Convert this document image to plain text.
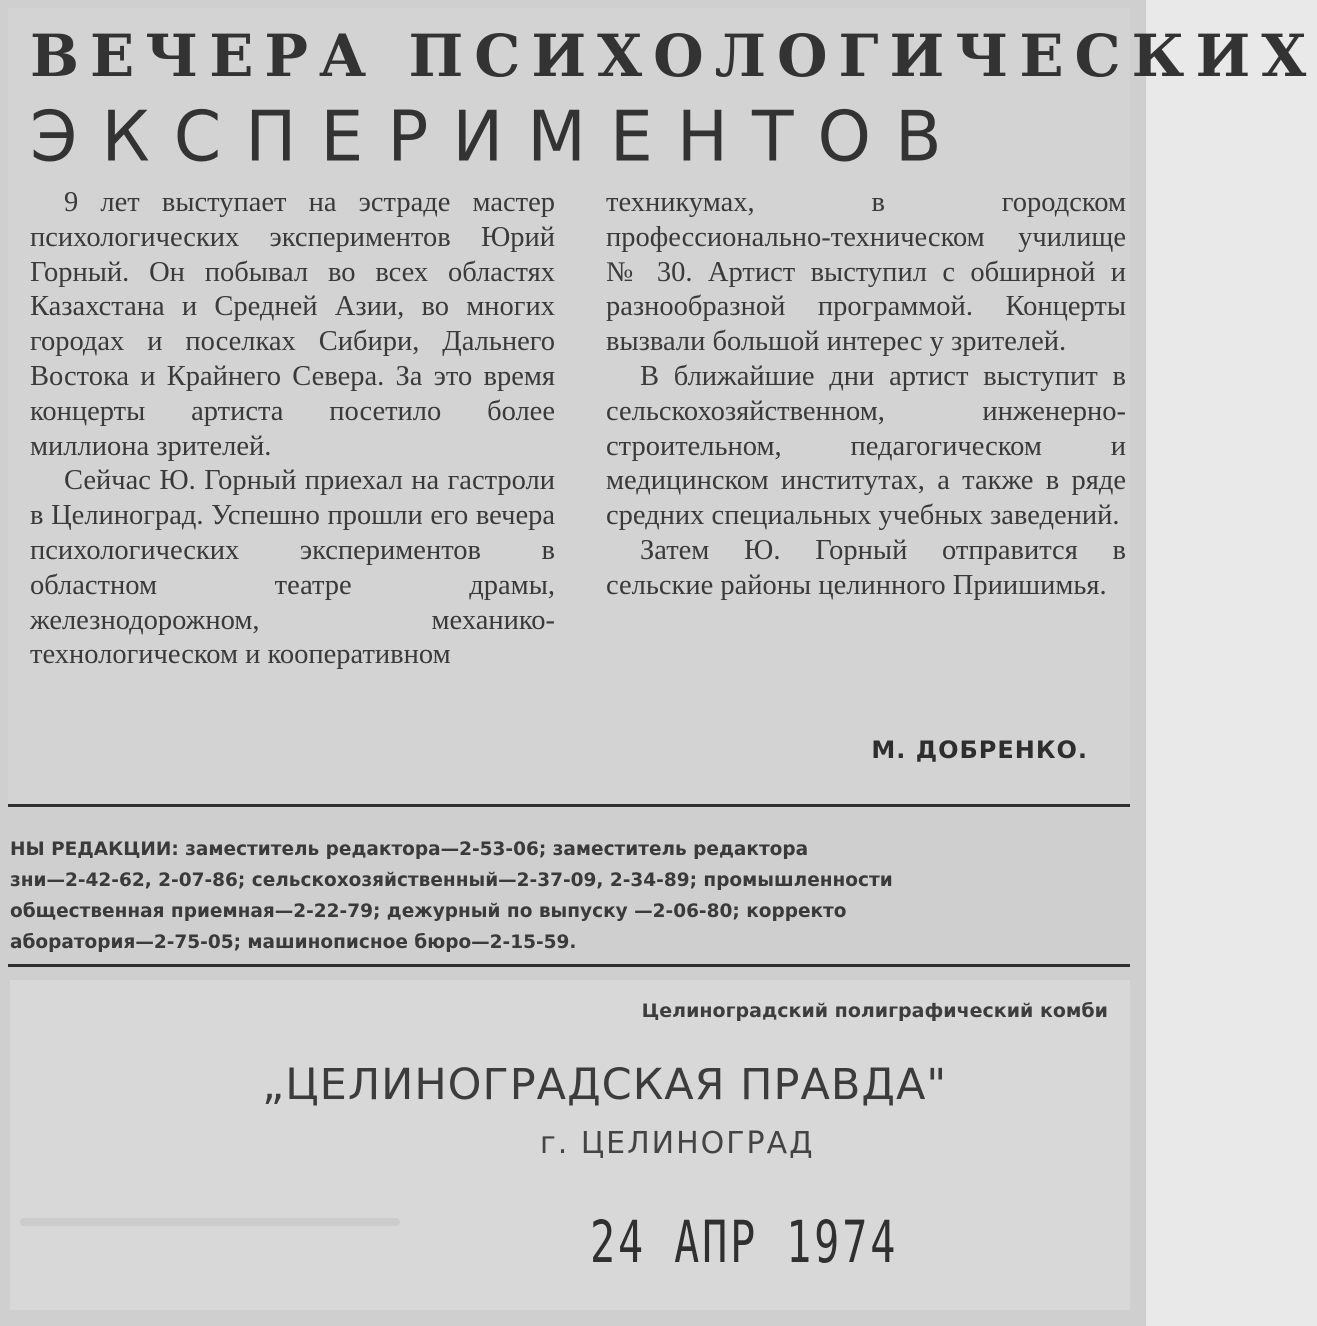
ВЕЧЕРА ПСИХОЛОГИЧЕСКИХ
ЭКСПЕРИМЕНТОВ

9 лет выступает на эстраде мастер психологических экспериментов Юрий Горный. Он побывал во всех областях Казахстана и Средней Азии, во многих городах и поселках Сибири, Дальнего Востока и Крайнего Севера. За это время концерты артиста посетило более миллиона зрителей.

Сейчас Ю. Горный приехал на гастроли в Целиноград. Успешно прошли его вечера психологических экспериментов в областном театре драмы, железнодорожном, механико-технологическом и кооперативном

техникумах, в городском профессионально-техническом училище № 30. Артист выступил с обширной и разнообразной программой. Концерты вызвали большой интерес у зрителей.

В ближайшие дни артист выступит в сельскохозяйственном, инженерно-строительном, педагогическом и медицинском институтах, а также в ряде средних специальных учебных заведений.

Затем Ю. Горный отправится в сельские районы целинного Приишимья.

М. ДОБРЕНКО.
НЫ РЕДАКЦИИ: заместитель редактора—2-53-06; заместитель редактора
зни—2-42-62, 2-07-86; сельскохозяйственный—2-37-09, 2-34-89; промышленности
общественная приемная—2-22-79; дежурный по выпуску —2-06-80; корректо
аборатория—2-75-05; машинописное бюро—2-15-59.
Целиноградский полиграфический комби
„ЦЕЛИНОГРАДСКАЯ ПРАВДА"
г. ЦЕЛИНОГРАД
24 АПР 1974
